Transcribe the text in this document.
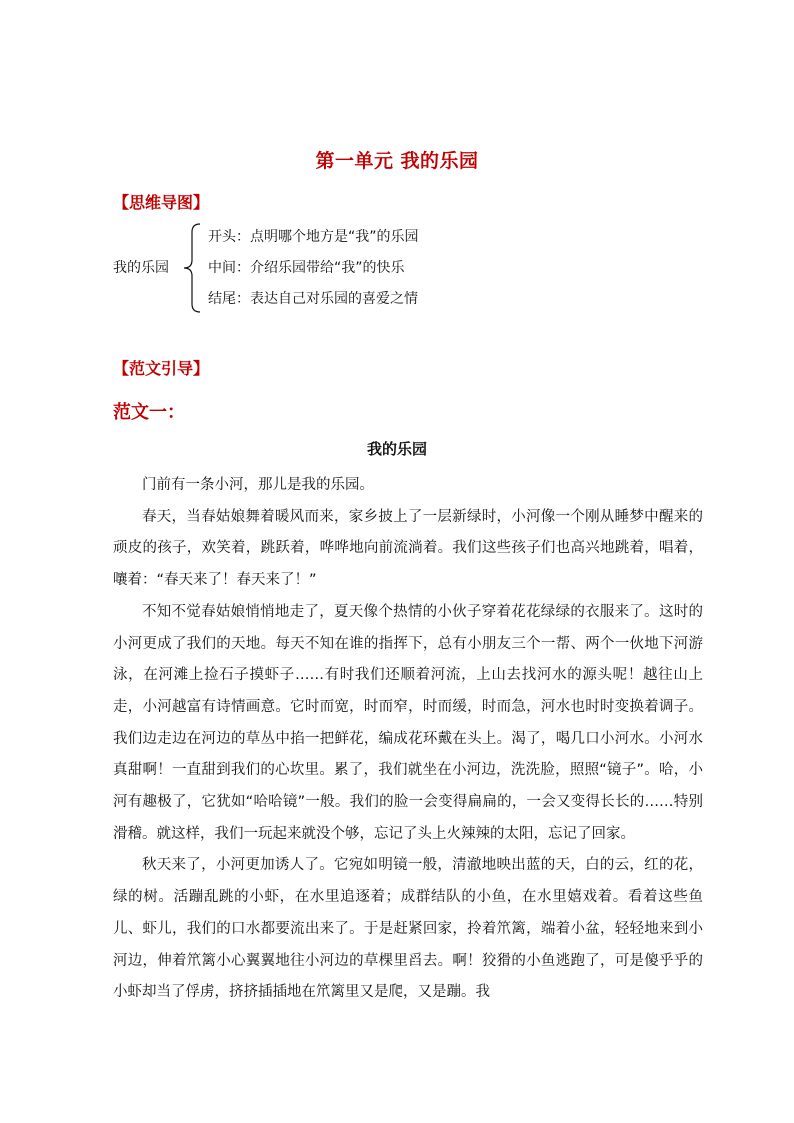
第一单元 我的乐园
【思维导图】
我的乐园
开头：点明哪个地方是“我”的乐园
中间：介绍乐园带给“我”的快乐
结尾：表达自己对乐园的喜爱之情
【范文引导】
范文一：
我的乐园

门前有一条小河，那儿是我的乐园。

春天，当春姑娘舞着暖风而来，家乡披上了一层新绿时，小河像一个刚从睡梦中醒来的顽皮的孩子，欢笑着，跳跃着，哗哗地向前流淌着。我们这些孩子们也高兴地跳着，唱着，嚷着：“春天来了！春天来了！”

不知不觉春姑娘悄悄地走了，夏天像个热情的小伙子穿着花花绿绿的衣服来了。这时的小河更成了我们的天地。每天不知在谁的指挥下，总有小朋友三个一帮、两个一伙地下河游泳，在河滩上捡石子摸虾子……有时我们还顺着河流，上山去找河水的源头呢！越往山上走，小河越富有诗情画意。它时而宽，时而窄，时而缓，时而急，河水也时时变换着调子。我们边走边在河边的草丛中掐一把鲜花，编成花环戴在头上。渴了，喝几口小河水。小河水真甜啊！一直甜到我们的心坎里。累了，我们就坐在小河边，洗洗脸，照照“镜子”。哈，小河有趣极了，它犹如“哈哈镜”一般。我们的脸一会变得扁扁的，一会又变得长长的……特别滑稽。就这样，我们一玩起来就没个够，忘记了头上火辣辣的太阳，忘记了回家。

秋天来了，小河更加诱人了。它宛如明镜一般，清澈地映出蓝的天，白的云，红的花，绿的树。活蹦乱跳的小虾，在水里追逐着；成群结队的小鱼，在水里嬉戏着。看着这些鱼儿、虾儿，我们的口水都要流出来了。于是赶紧回家，拎着笊篱，端着小盆，轻轻地来到小河边，伸着笊篱小心翼翼地往小河边的草棵里舀去。啊！狡猾的小鱼逃跑了，可是傻乎乎的小虾却当了俘虏，挤挤插插地在笊篱里又是爬，又是蹦。我
